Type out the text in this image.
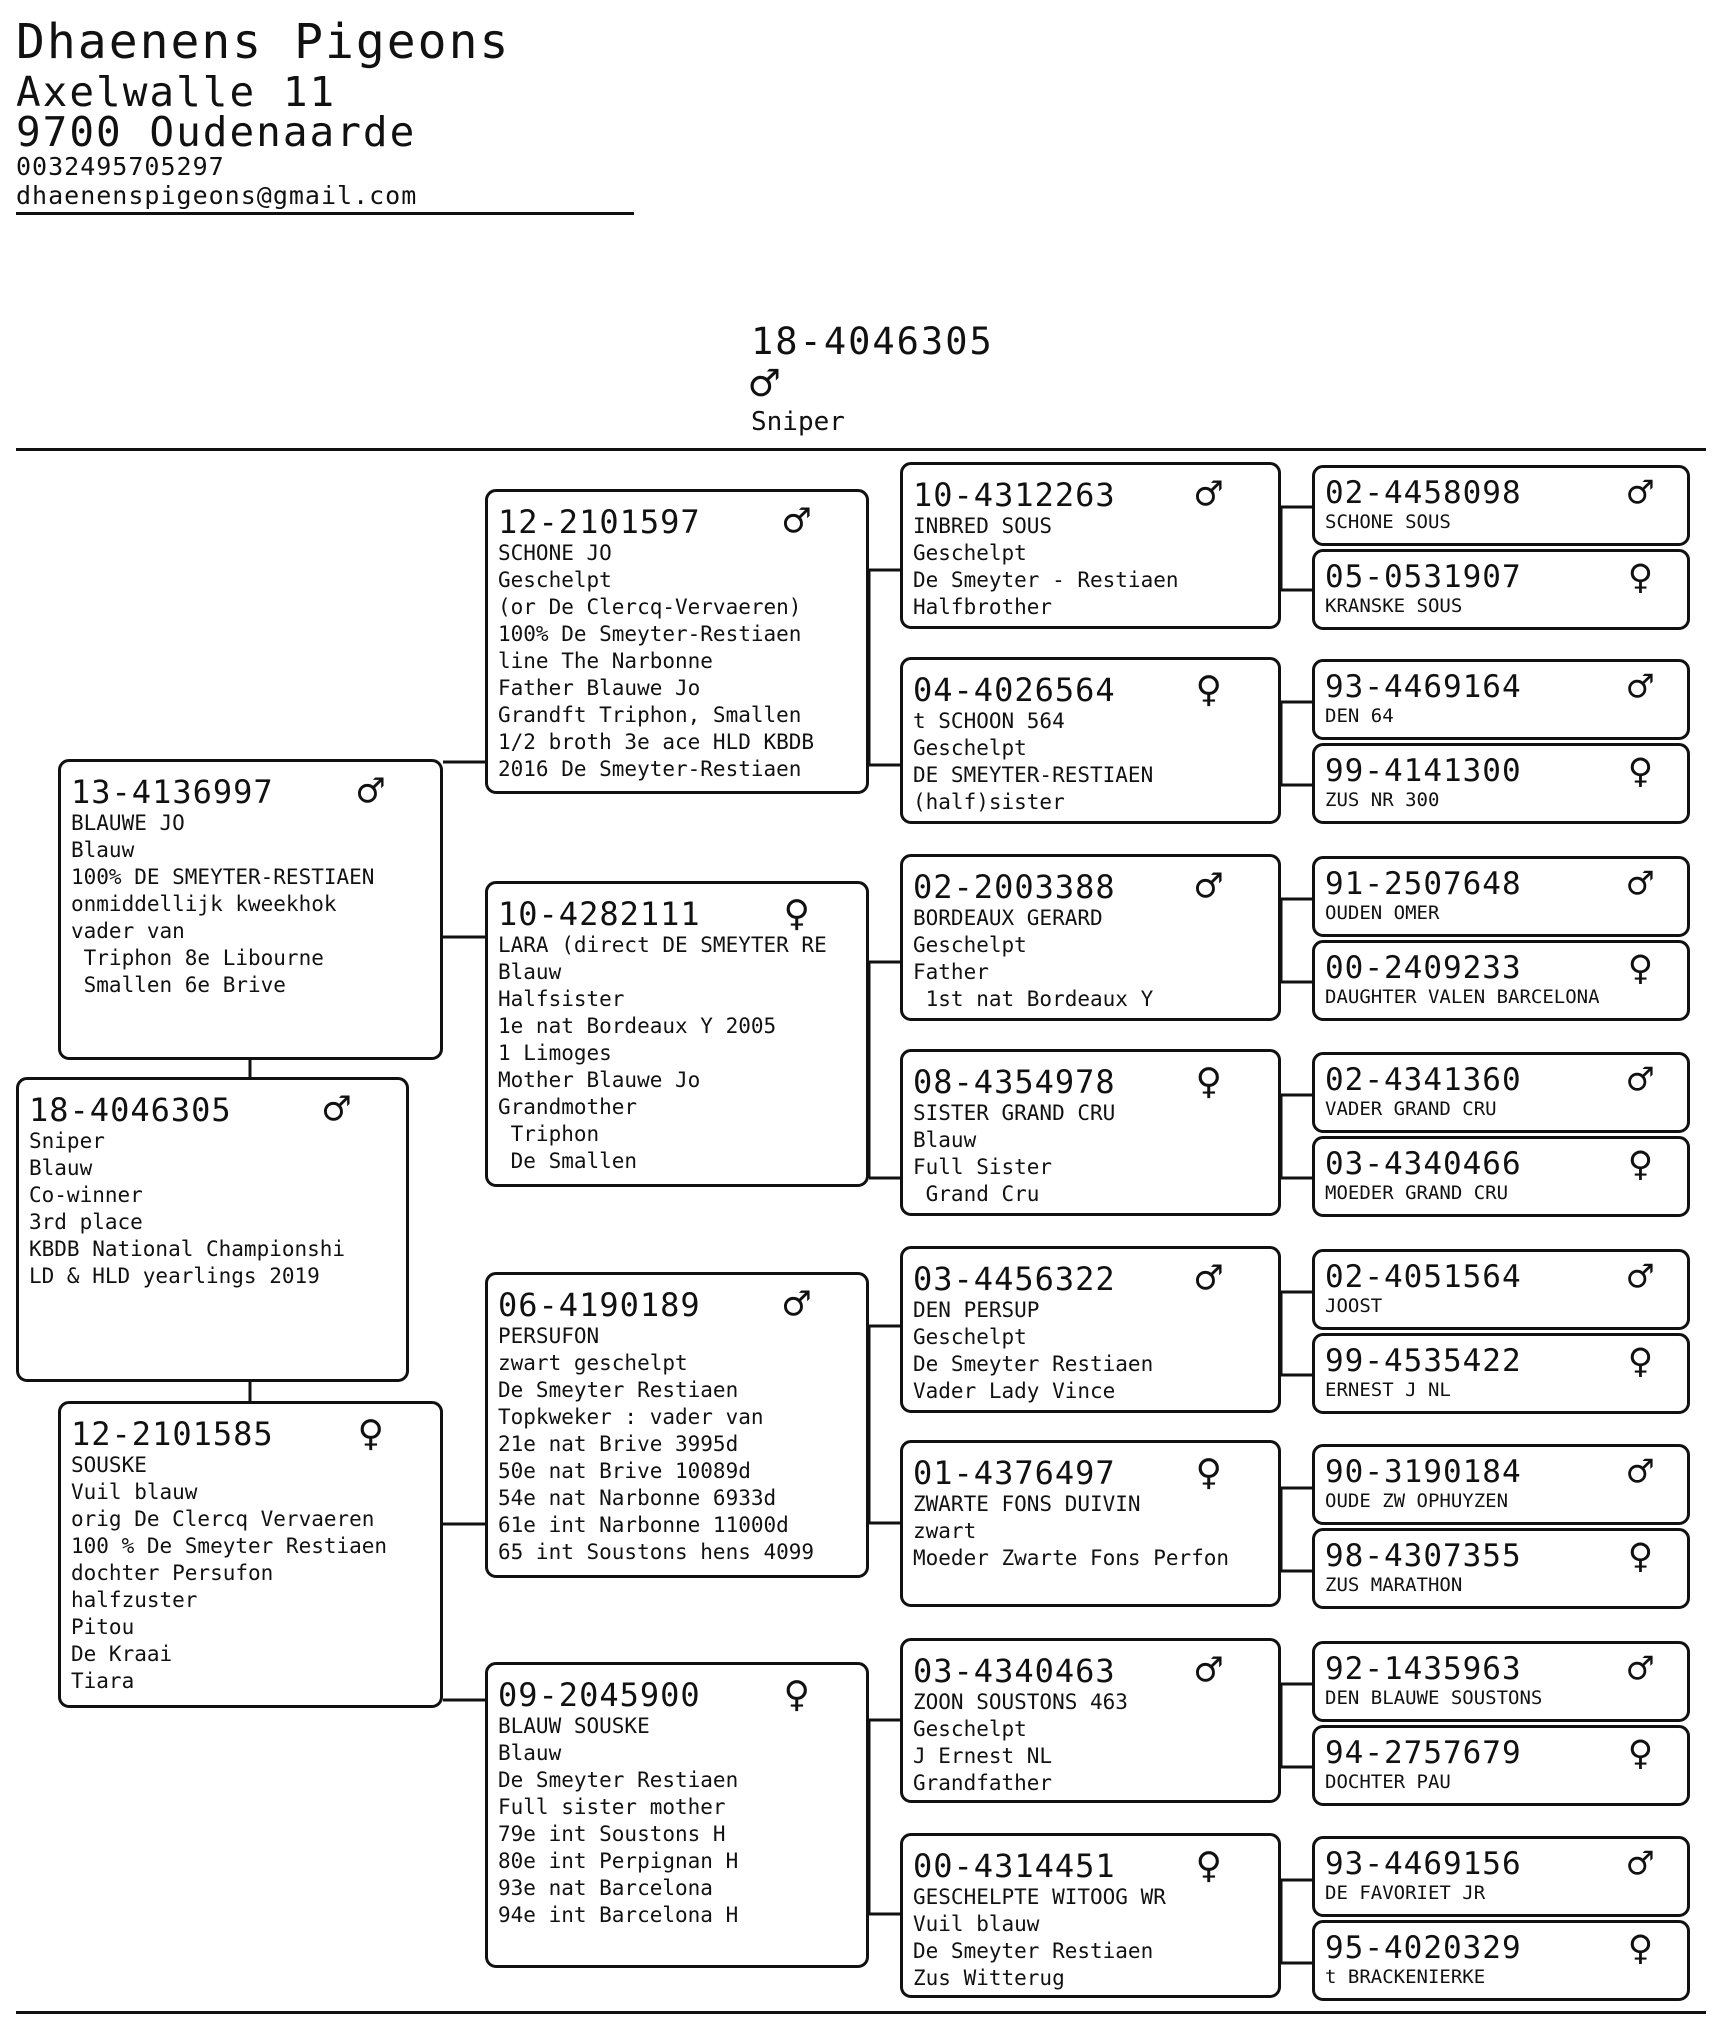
Dhaenens Pigeons
Axelwalle 11
9700 Oudenaarde
0032495705297
dhaenenspigeons@gmail.com
18-4046305
♂
Sniper
13-4136997	♂
BLAUWE JO
Blauw
100% DE SMEYTER-RESTIAEN
onmiddellijk kweekhok
vader van
Triphon 8e Libourne
Smallen 6e Brive
18-4046305	♂
Sniper
Blauw
Co-winner
3rd place
KBDB National Championshi
LD & HLD yearlings 2019
12-2101585	♀
SOUSKE
Vuil blauw
orig De Clercq Vervaeren
100 % De Smeyter Restiaen
dochter Persufon
halfzuster
Pitou
De Kraai
Tiara
12-2101597	♂
SCHONE JO
Geschelpt
(or De Clercq-Vervaeren)
100% De Smeyter-Restiaen
line The Narbonne
Father Blauwe Jo
Grandft Triphon, Smallen
1/2 broth 3e ace HLD KBDB
2016 De Smeyter-Restiaen
10-4282111	♀
LARA (direct DE SMEYTER RE
Blauw
Halfsister
1e nat Bordeaux Y 2005
1 Limoges
Mother Blauwe Jo
Grandmother
Triphon
De Smallen
06-4190189	♂
PERSUFON
zwart geschelpt
De Smeyter Restiaen
Topkweker : vader van
21e nat Brive 3995d
50e nat Brive 10089d
54e nat Narbonne 6933d
61e int Narbonne 11000d
65 int Soustons hens 4099
09-2045900	♀
BLAUW SOUSKE
Blauw
De Smeyter Restiaen
Full sister mother
79e int Soustons H
80e int Perpignan H
93e nat Barcelona
94e int Barcelona H
10-4312263	♂
INBRED SOUS
Geschelpt
De Smeyter - Restiaen
Halfbrother
04-4026564	♀
t SCHOON 564
Geschelpt
DE SMEYTER-RESTIAEN
(half)sister
02-2003388	♂
BORDEAUX GERARD
Geschelpt
Father
1st nat Bordeaux Y
08-4354978	♀
SISTER GRAND CRU
Blauw
Full Sister
Grand Cru
03-4456322	♂
DEN PERSUP
Geschelpt
De Smeyter Restiaen
Vader Lady Vince
01-4376497	♀
ZWARTE FONS DUIVIN
zwart
Moeder Zwarte Fons Perfon
03-4340463	♂
ZOON SOUSTONS 463
Geschelpt
J Ernest NL
Grandfather
00-4314451	♀
GESCHELPTE WITOOG WR
Vuil blauw
De Smeyter Restiaen
Zus Witterug
02-4458098	♂
SCHONE SOUS
05-0531907	♀
KRANSKE SOUS
93-4469164	♂
DEN 64
99-4141300	♀
ZUS NR 300
91-2507648	♂
OUDEN OMER
00-2409233	♀
DAUGHTER VALEN BARCELONA
02-4341360	♂
VADER GRAND CRU
03-4340466	♀
MOEDER GRAND CRU
02-4051564	♂
JOOST
99-4535422	♀
ERNEST J NL
90-3190184	♂
OUDE ZW OPHUYZEN
98-4307355	♀
ZUS MARATHON
92-1435963	♂
DEN BLAUWE SOUSTONS
94-2757679	♀
DOCHTER PAU
93-4469156	♂
DE FAVORIET JR
95-4020329	♀
t BRACKENIERKE
